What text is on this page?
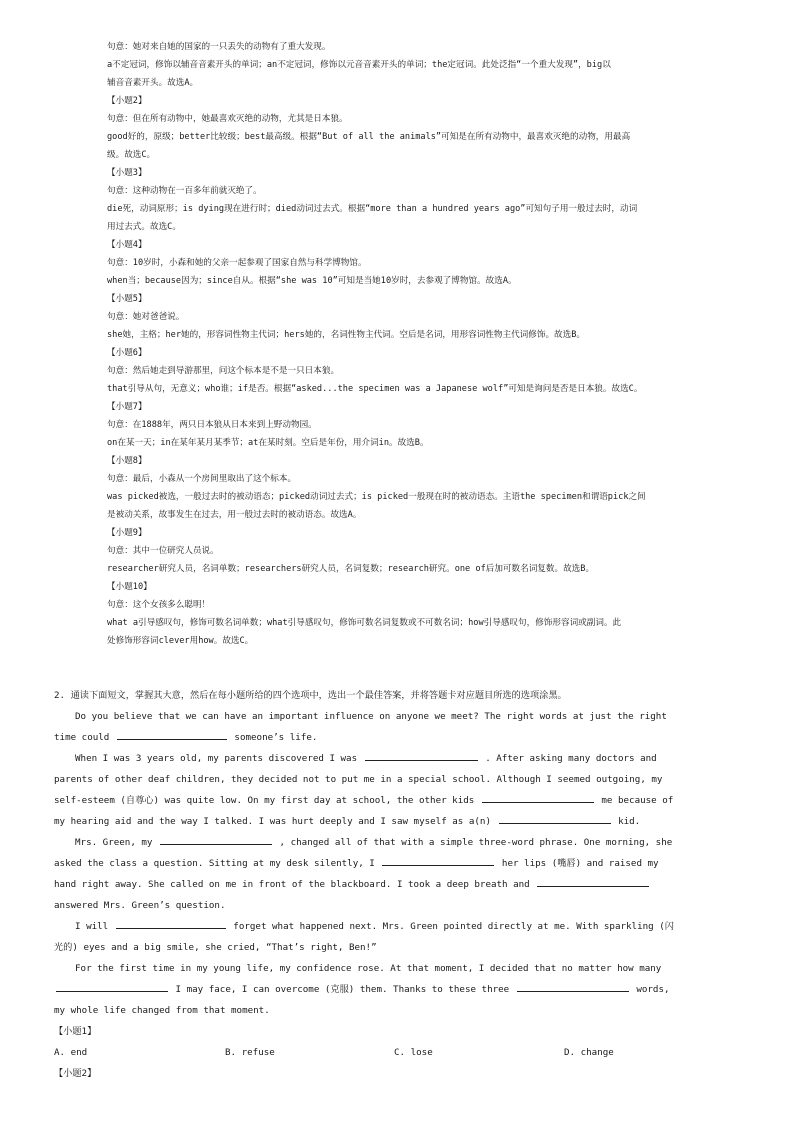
句意：她对来自她的国家的一只丢失的动物有了重大发现。
a不定冠词，修饰以辅音音素开头的单词；an不定冠词，修饰以元音音素开头的单词；the定冠词。此处泛指“一个重大发现”，big以
辅音音素开头。故选A。
【小题2】
句意：但在所有动物中，她最喜欢灭绝的动物，尤其是日本狼。
good好的，原级；better比较级；best最高级。根据“But of all the animals”可知是在所有动物中，最喜欢灭绝的动物，用最高
级。故选C。
【小题3】
句意：这种动物在一百多年前就灭绝了。
die死，动词原形；is dying现在进行时；died动词过去式。根据“more than a hundred years ago”可知句子用一般过去时，动词
用过去式。故选C。
【小题4】
句意：10岁时，小森和她的父亲一起参观了国家自然与科学博物馆。
when当；because因为；since自从。根据“she was 10”可知是当她10岁时，去参观了博物馆。故选A。
【小题5】
句意：她对爸爸说。
she她，主格；her她的，形容词性物主代词；hers她的，名词性物主代词。空后是名词，用形容词性物主代词修饰。故选B。
【小题6】
句意：然后她走到导游那里，问这个标本是不是一只日本狼。
that引导从句，无意义；who谁；if是否。根据“asked...the specimen was a Japanese wolf”可知是询问是否是日本狼。故选C。
【小题7】
句意：在1888年，两只日本狼从日本来到上野动物园。
on在某一天；in在某年某月某季节；at在某时刻。空后是年份，用介词in。故选B。
【小题8】
句意：最后，小森从一个房间里取出了这个标本。
was picked被选，一般过去时的被动语态；picked动词过去式；is picked一般现在时的被动语态。主语the specimen和谓语pick之间
是被动关系，故事发生在过去，用一般过去时的被动语态。故选A。
【小题9】
句意：其中一位研究人员说。
researcher研究人员，名词单数；researchers研究人员，名词复数；research研究。one of后加可数名词复数。故选B。
【小题10】
句意：这个女孩多么聪明！
what a引导感叹句，修饰可数名词单数；what引导感叹句，修饰可数名词复数或不可数名词；how引导感叹句，修饰形容词或副词。此
处修饰形容词clever用how。故选C。
2. 通读下面短文，掌握其大意，然后在每小题所给的四个选项中，选出一个最佳答案，并将答题卡对应题目所选的选项涂黑。
Do you believe that we can have an important influence on anyone we meet? The right words at just the right
time could	someone’s life.
When I was 3 years old, my parents discovered I was	. After asking many doctors and
parents of other deaf children, they decided not to put me in a special school. Although I seemed outgoing, my
self-esteem (自尊心) was quite low. On my first day at school, the other kids	me because of
my hearing aid and the way I talked. I was hurt deeply and I saw myself as a(n)	kid.
Mrs. Green, my	, changed all of that with a simple three-word phrase. One morning, she
asked the class a question. Sitting at my desk silently, I	her lips (嘴唇) and raised my
hand right away. She called on me in front of the blackboard. I took a deep breath and
answered Mrs. Green’s question.
I will	forget what happened next. Mrs. Green pointed directly at me. With sparkling (闪
光的) eyes and a big smile, she cried, “That’s right, Ben!”
For the first time in my young life, my confidence rose. At that moment, I decided that no matter how many
I may face, I can overcome (克服) them. Thanks to these three	words,
my whole life changed from that moment.
【小题1】
A. end	B. refuse	C. lose	D. change
【小题2】
